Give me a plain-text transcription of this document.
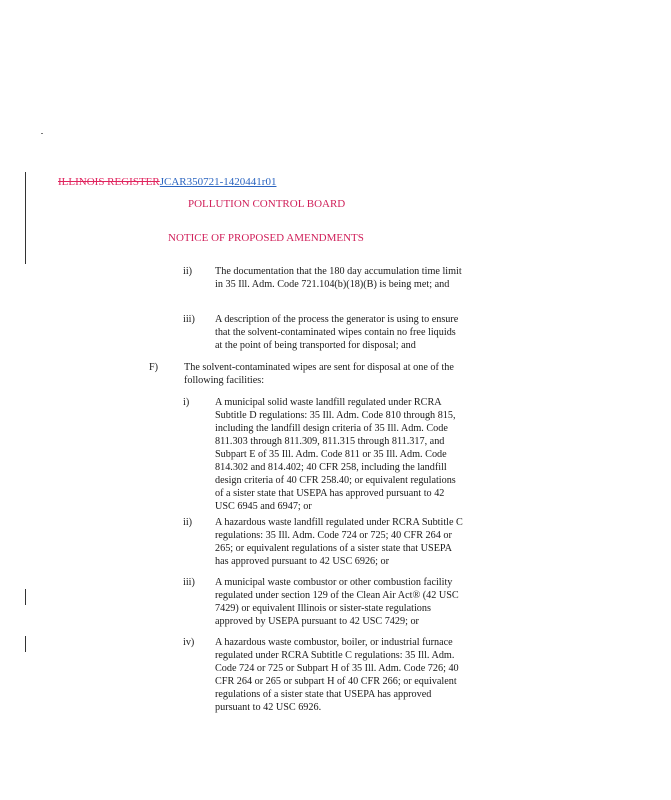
ILLINOIS REGISTERJCAR350721-1420441r01
POLLUTION CONTROL BOARD
NOTICE OF PROPOSED AMENDMENTS
ii) The documentation that the 180 day accumulation time limit in 35 Ill. Adm. Code 721.104(b)(18)(B) is being met; and
iii) A description of the process the generator is using to ensure that the solvent-contaminated wipes contain no free liquids at the point of being transported for disposal; and
F)	The solvent-contaminated wipes are sent for disposal at one of the following facilities:
i)	A municipal solid waste landfill regulated under RCRA Subtitle D regulations: 35 Ill. Adm. Code 810 through 815, including the landfill design criteria of 35 Ill. Adm. Code 811.303 through 811.309, 811.315 through 811.317, and Subpart E of 35 Ill. Adm. Code 811 or 35 Ill. Adm. Code 814.302 and 814.402; 40 CFR 258, including the landfill design criteria of 40 CFR 258.40; or equivalent regulations of a sister state that USEPA has approved pursuant to 42 USC 6945 and 6947; or
ii) A hazardous waste landfill regulated under RCRA Subtitle C regulations: 35 Ill. Adm. Code 724 or 725; 40 CFR 264 or 265; or equivalent regulations of a sister state that USEPA has approved pursuant to 42 USC 6926; or
iii) A municipal waste combustor or other combustion facility regulated under section 129 of the Clean Air Act® (42 USC 7429) or equivalent Illinois or sister-state regulations approved by USEPA pursuant to 42 USC 7429; or
iv) A hazardous waste combustor, boiler, or industrial furnace regulated under RCRA Subtitle C regulations: 35 Ill. Adm. Code 724 or 725 or Subpart H of 35 Ill. Adm. Code 726; 40 CFR 264 or 265 or subpart H of 40 CFR 266; or equivalent regulations of a sister state that USEPA has approved pursuant to 42 USC 6926.
